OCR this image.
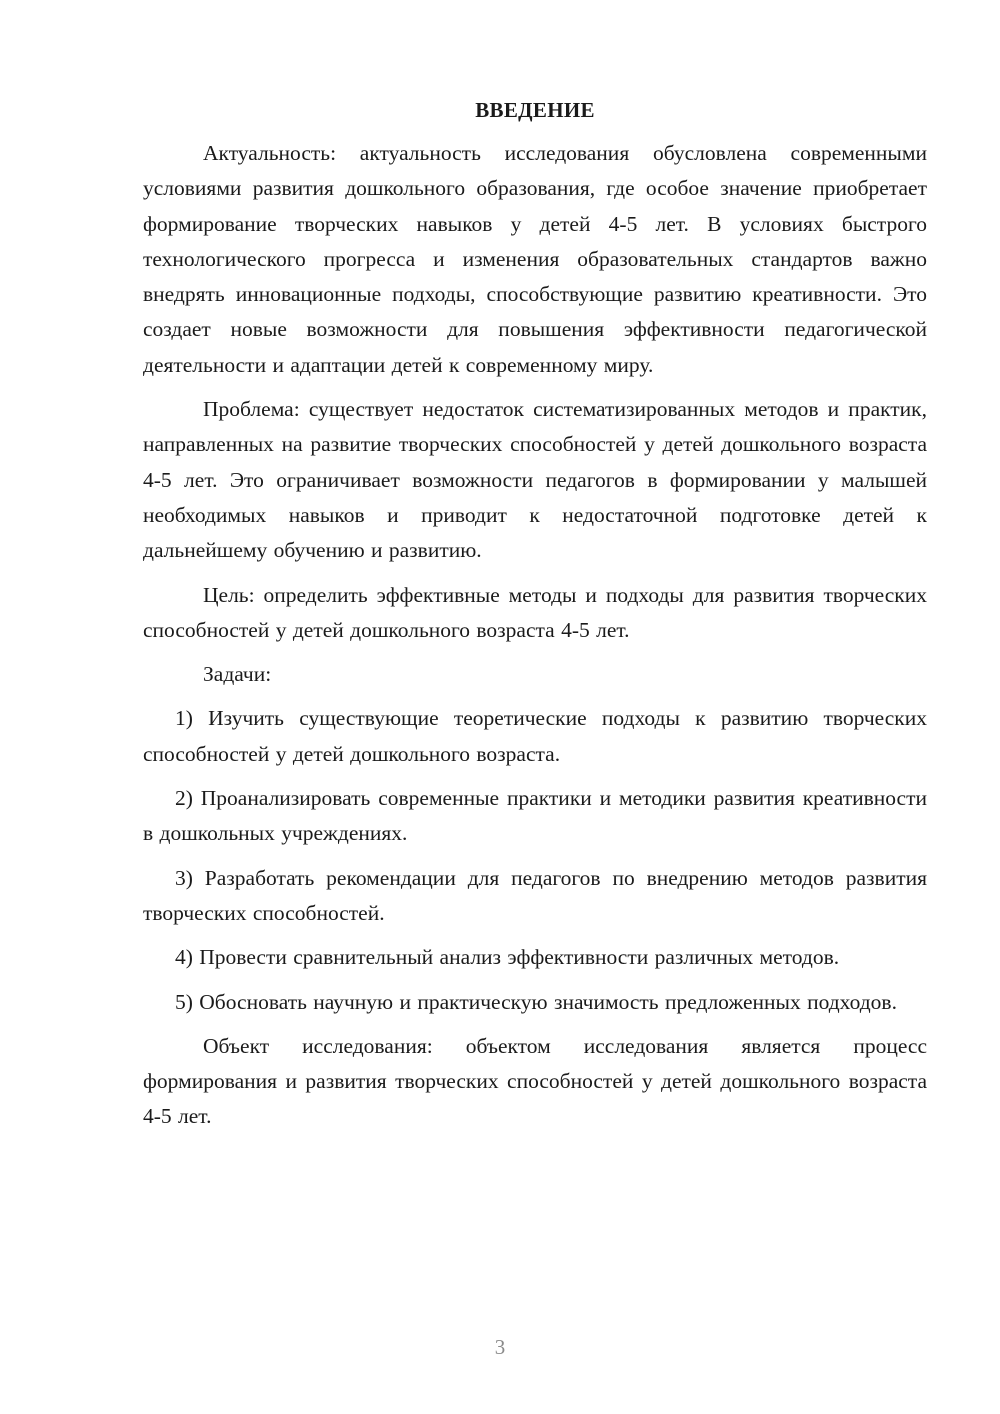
ВВЕДЕНИЕ

Актуальность: актуальность исследования обусловлена современными условиями развития дошкольного образования, где особое значение приобретает формирование творческих навыков у детей 4-5 лет. В условиях быстрого технологического прогресса и изменения образовательных стандартов важно внедрять инновационные подходы, способствующие развитию креативности. Это создает новые возможности для повышения эффективности педагогической деятельности и адаптации детей к современному миру.

Проблема: существует недостаток систематизированных методов и практик, направленных на развитие творческих способностей у детей дошкольного возраста 4-5 лет. Это ограничивает возможности педагогов в формировании у малышей необходимых навыков и приводит к недостаточной подготовке детей к дальнейшему обучению и развитию.

Цель: определить эффективные методы и подходы для развития творческих способностей у детей дошкольного возраста 4-5 лет.

Задачи:

1) Изучить существующие теоретические подходы к развитию творческих способностей у детей дошкольного возраста.

2) Проанализировать современные практики и методики развития креативности в дошкольных учреждениях.

3) Разработать рекомендации для педагогов по внедрению методов развития творческих способностей.

4) Провести сравнительный анализ эффективности различных методов.

5) Обосновать научную и практическую значимость предложенных подходов.

Объект исследования: объектом исследования является процесс формирования и развития творческих способностей у детей дошкольного возраста 4-5 лет.

3
